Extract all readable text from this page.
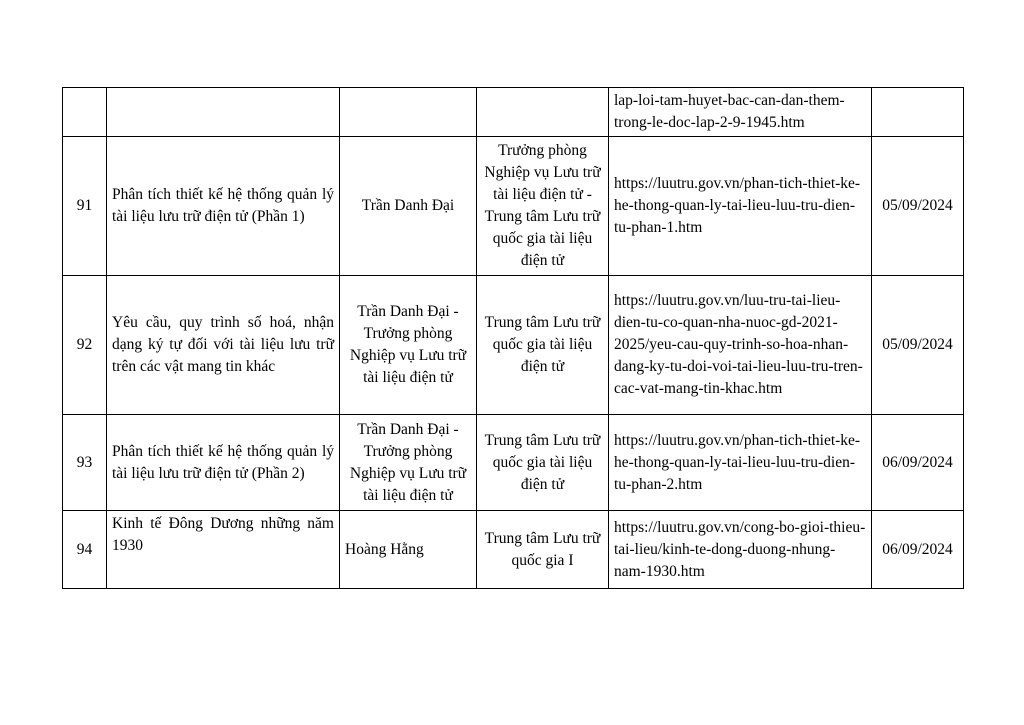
				lap-loi-tam-huyet-bac-can-dan-them-trong-le-doc-lap-2-9-1945.htm	
91	Phân tích thiết kế hệ thống quản lý tài liệu lưu trữ điện tử (Phần 1)	Trần Danh Đại	Trưởng phòng Nghiệp vụ Lưu trữ tài liệu điện tử - Trung tâm Lưu trữ quốc gia tài liệu điện tử	https://luutru.gov.vn/phan-tich-thiet-ke-he-thong-quan-ly-tai-lieu-luu-tru-dien-tu-phan-1.htm	05/09/2024
92	Yêu cầu, quy trình số hoá, nhận dạng ký tự đối với tài liệu lưu trữ trên các vật mang tin khác	Trần Danh Đại - Trưởng phòng Nghiệp vụ Lưu trữ tài liệu điện tử	Trung tâm Lưu trữ quốc gia tài liệu điện tử	https://luutru.gov.vn/luu-tru-tai-lieu-dien-tu-co-quan-nha-nuoc-gd-2021-2025/yeu-cau-quy-trinh-so-hoa-nhan-dang-ky-tu-doi-voi-tai-lieu-luu-tru-tren-cac-vat-mang-tin-khac.htm	05/09/2024
93	Phân tích thiết kế hệ thống quản lý tài liệu lưu trữ điện tử (Phần 2)	Trần Danh Đại - Trưởng phòng Nghiệp vụ Lưu trữ tài liệu điện tử	Trung tâm Lưu trữ quốc gia tài liệu điện tử	https://luutru.gov.vn/phan-tich-thiet-ke-he-thong-quan-ly-tai-lieu-luu-tru-dien-tu-phan-2.htm	06/09/2024
94	Kinh tế Đông Dương những năm 1930	Hoàng Hằng	Trung tâm Lưu trữ quốc gia I	https://luutru.gov.vn/cong-bo-gioi-thieu-tai-lieu/kinh-te-dong-duong-nhung-nam-1930.htm	06/09/2024
